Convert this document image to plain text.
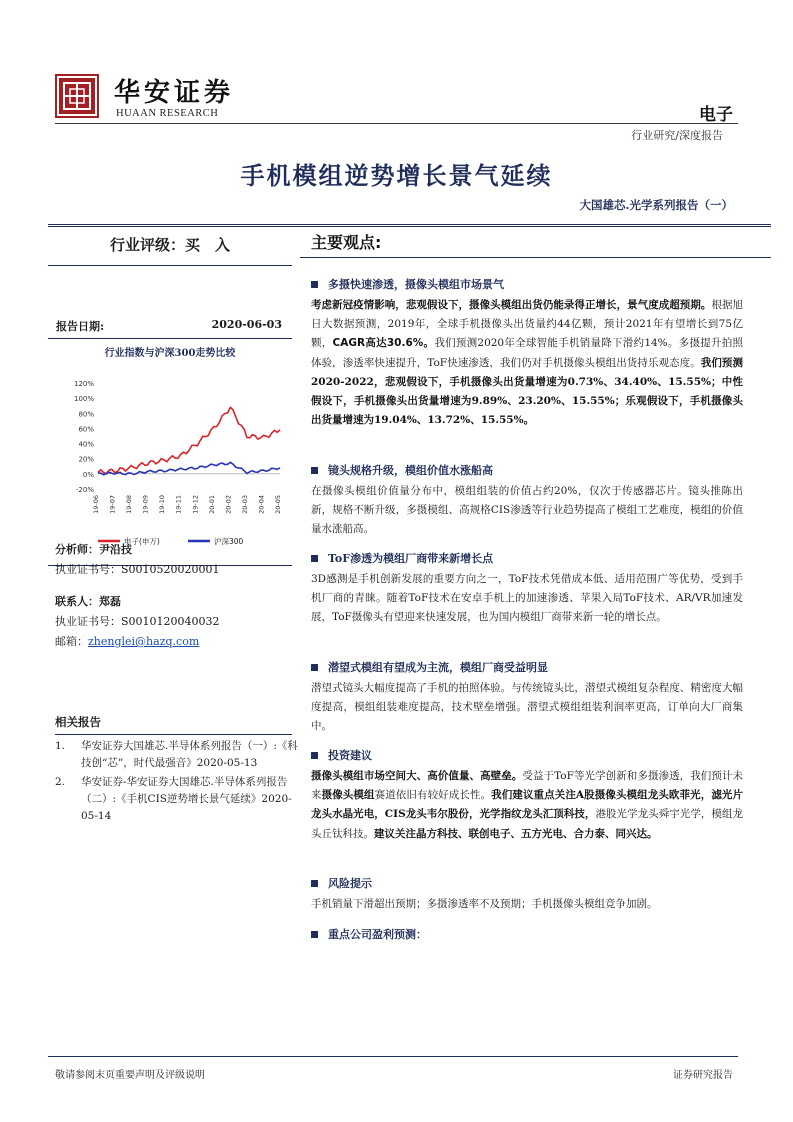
华安证券
HUAAN RESEARCH	电子
行业研究/深度报告
手机模组逆势增长景气延续
大国雄芯.光学系列报告（一）
行业评级：买　入
报告日期:	2020-06-03
行业指数与沪深300走势比较
120%
100%
80%
60%
40%
20%
0%
-20%
19-06 19-07 19-08 19-09 19-10 19-11 19-12 20-01 20-02 20-03 20-04 20-05
电子(申万)	沪深300
分析师：尹沿技
执业证书号：S0010520020001
联系人：郑磊
执业证书号：S0010120040032
邮箱：zhenglei@hazq.com
相关报告
1.	华安证券大国雄芯.半导体系列报告（一）:《科技创“芯”，时代最强音》2020-05-13
2.	华安证券-华安证券大国雄芯.半导体系列报告（二）:《手机CIS逆势增长景气延续》2020-05-14
主要观点:
多摄快速渗透，摄像头模组市场景气
考虑新冠疫情影响，悲观假设下，摄像头模组出货仍能录得正增长，景气度成超预期。根据旭日大数据预测，2019年，全球手机摄像头出货量约44亿颗，预计2021年有望增长到75亿颗，CAGR高达30.6%。我们预测2020年全球智能手机销量降下滑约14%。多摄提升拍照体验，渗透率快速提升，ToF快速渗透，我们仍对手机摄像头模组出货持乐观态度。我们预测2020-2022，悲观假设下，手机摄像头出货量增速为0.73%、34.40%、15.55%；中性假设下，手机摄像头出货量增速为9.89%、23.20%、15.55%；乐观假设下，手机摄像头出货量增速为19.04%、13.72%、15.55%。
镜头规格升级，模组价值水涨船高
在摄像头模组价值量分布中，模组组装的价值占约20%，仅次于传感器芯片。镜头推陈出新，规格不断升级，多摄模组、高规格CIS渗透等行业趋势提高了模组工艺难度，模组的价值量水涨船高。
ToF渗透为模组厂商带来新增长点
3D感测是手机创新发展的重要方向之一，ToF技术凭借成本低、适用范围广等优势，受到手机厂商的青睐。随着ToF技术在安卓手机上的加速渗透、苹果入局ToF技术、AR/VR加速发展，ToF摄像头有望迎来快速发展，也为国内模组厂商带来新一轮的增长点。
潜望式模组有望成为主流，模组厂商受益明显
潜望式镜头大幅度提高了手机的拍照体验。与传统镜头比，潜望式模组复杂程度、精密度大幅度提高，模组组装难度提高，技术壁垒增强。潜望式模组组装利润率更高，订单向大厂商集中。
投资建议
摄像头模组市场空间大、高价值量、高壁垒。受益于ToF等光学创新和多摄渗透，我们预计未来摄像头模组赛道依旧有较好成长性。我们建议重点关注A股摄像头模组龙头欧菲光，滤光片龙头水晶光电，CIS龙头韦尔股份，光学指纹龙头汇顶科技，港股光学龙头舜宇光学，模组龙头丘钛科技。建议关注晶方科技、联创电子、五方光电、合力泰、同兴达。
风险提示
手机销量下滑超出预期；多摄渗透率不及预期；手机摄像头模组竞争加剧。
重点公司盈利预测：
敬请参阅末页重要声明及评级说明	证券研究报告
